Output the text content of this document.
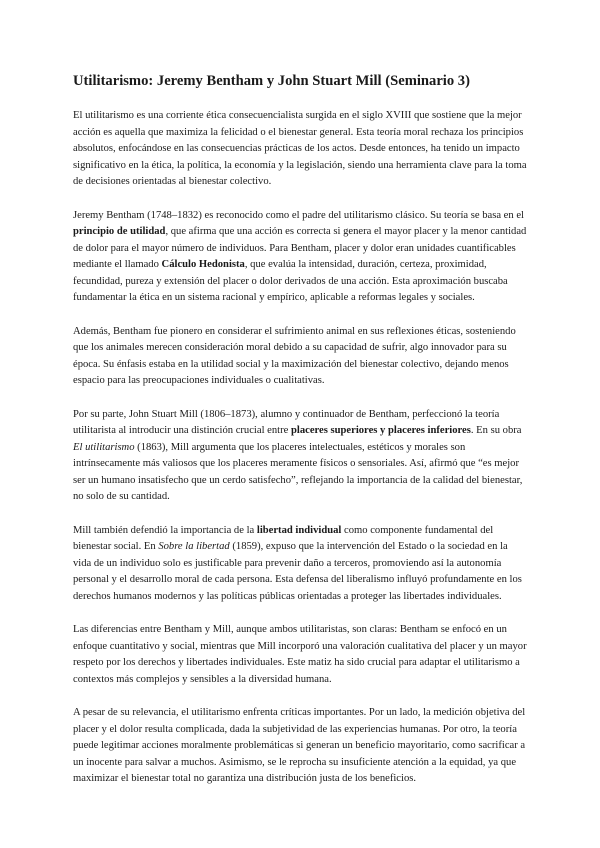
Utilitarismo: Jeremy Bentham y John Stuart Mill (Seminario 3)

El utilitarismo es una corriente ética consecuencialista surgida en el siglo XVIII que sostiene que la mejor acción es aquella que maximiza la felicidad o el bienestar general. Esta teoría moral rechaza los principios absolutos, enfocándose en las consecuencias prácticas de los actos. Desde entonces, ha tenido un impacto significativo en la ética, la política, la economía y la legislación, siendo una herramienta clave para la toma de decisiones orientadas al bienestar colectivo.

Jeremy Bentham (1748–1832) es reconocido como el padre del utilitarismo clásico. Su teoría se basa en el principio de utilidad, que afirma que una acción es correcta si genera el mayor placer y la menor cantidad de dolor para el mayor número de individuos. Para Bentham, placer y dolor eran unidades cuantificables mediante el llamado Cálculo Hedonista, que evalúa la intensidad, duración, certeza, proximidad, fecundidad, pureza y extensión del placer o dolor derivados de una acción. Esta aproximación buscaba fundamentar la ética en un sistema racional y empírico, aplicable a reformas legales y sociales.

Además, Bentham fue pionero en considerar el sufrimiento animal en sus reflexiones éticas, sosteniendo que los animales merecen consideración moral debido a su capacidad de sufrir, algo innovador para su época. Su énfasis estaba en la utilidad social y la maximización del bienestar colectivo, dejando menos espacio para las preocupaciones individuales o cualitativas.

Por su parte, John Stuart Mill (1806–1873), alumno y continuador de Bentham, perfeccionó la teoría utilitarista al introducir una distinción crucial entre placeres superiores y placeres inferiores. En su obra El utilitarismo (1863), Mill argumenta que los placeres intelectuales, estéticos y morales son intrínsecamente más valiosos que los placeres meramente físicos o sensoriales. Así, afirmó que “es mejor ser un humano insatisfecho que un cerdo satisfecho”, reflejando la importancia de la calidad del bienestar, no solo de su cantidad.

Mill también defendió la importancia de la libertad individual como componente fundamental del bienestar social. En Sobre la libertad (1859), expuso que la intervención del Estado o la sociedad en la vida de un individuo solo es justificable para prevenir daño a terceros, promoviendo así la autonomía personal y el desarrollo moral de cada persona. Esta defensa del liberalismo influyó profundamente en los derechos humanos modernos y las políticas públicas orientadas a proteger las libertades individuales.

Las diferencias entre Bentham y Mill, aunque ambos utilitaristas, son claras: Bentham se enfocó en un enfoque cuantitativo y social, mientras que Mill incorporó una valoración cualitativa del placer y un mayor respeto por los derechos y libertades individuales. Este matiz ha sido crucial para adaptar el utilitarismo a contextos más complejos y sensibles a la diversidad humana.

A pesar de su relevancia, el utilitarismo enfrenta críticas importantes. Por un lado, la medición objetiva del placer y el dolor resulta complicada, dada la subjetividad de las experiencias humanas. Por otro, la teoría puede legitimar acciones moralmente problemáticas si generan un beneficio mayoritario, como sacrificar a un inocente para salvar a muchos. Asimismo, se le reprocha su insuficiente atención a la equidad, ya que maximizar el bienestar total no garantiza una distribución justa de los beneficios.
